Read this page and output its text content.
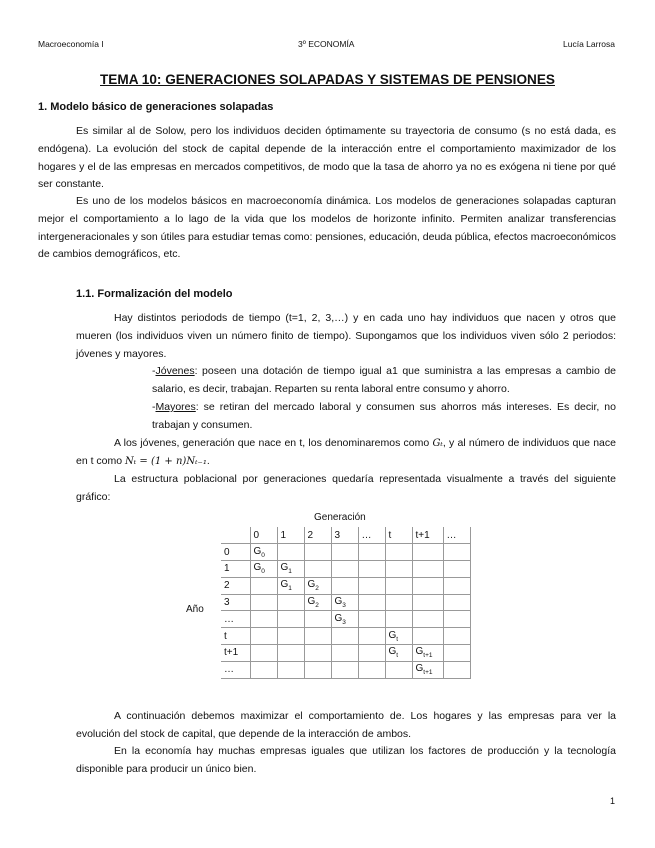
Macroeconomía I	3º ECONOMÍA	Lucía Larrosa
TEMA 10: GENERACIONES SOLAPADAS Y SISTEMAS DE PENSIONES
1. Modelo básico de generaciones solapadas
Es similar al de Solow, pero los individuos deciden óptimamente su trayectoria de consumo (s no está dada, es endógena). La evolución del stock de capital depende de la interacción entre el comportamiento maximizador de los hogares y el de las empresas en mercados competitivos, de modo que la tasa de ahorro ya no es exógena ni tiene por qué ser constante.
Es uno de los modelos básicos en macroeconomía dinámica. Los modelos de generaciones solapadas capturan mejor el comportamiento a lo lago de la vida que los modelos de horizonte infinito. Permiten analizar transferencias intergeneracionales y son útiles para estudiar temas como: pensiones, educación, deuda pública, efectos macroeconómicos de cambios demográficos, etc.
1.1. Formalización del modelo
Hay distintos periodods de tiempo (t=1, 2, 3,…) y en cada uno hay individuos que nacen y otros que mueren (los individuos viven un número finito de tiempo). Supongamos que los individuos viven sólo 2 periodos: jóvenes y mayores.
-Jóvenes: poseen una dotación de tiempo igual a1 que suministra a las empresas a cambio de salario, es decir, trabajan. Reparten su renta laboral entre consumo y ahorro.
-Mayores: se retiran del mercado laboral y consumen sus ahorros más intereses. Es decir, no trabajan y consumen.
A los jóvenes, generación que nace en t, los denominaremos como Gₜ, y al número de individuos que nace en t como Nₜ = (1 + n)Nₜ₋₁.
La estructura poblacional por generaciones quedaría representada visualmente a través del siguiente gráfico:
Generación
Año
	0	1	2	3	…	t	t+1	…
0	$G_0$							
1	$G_0$	$G_1$						
2		$G_1$	$G_2$					
3			$G_2$	$G_3$				
…				$G_3$				
t						$G_t$		
t+1						$G_t$	$G_{t+1}$	
…							$G_{t+1}$	
A continuación debemos maximizar el comportamiento de. Los hogares y las empresas para ver la evolución del stock de capital, que depende de la interacción de ambos.
En la economía hay muchas empresas iguales que utilizan los factores de producción y la tecnología disponible para producir un único bien.
1
